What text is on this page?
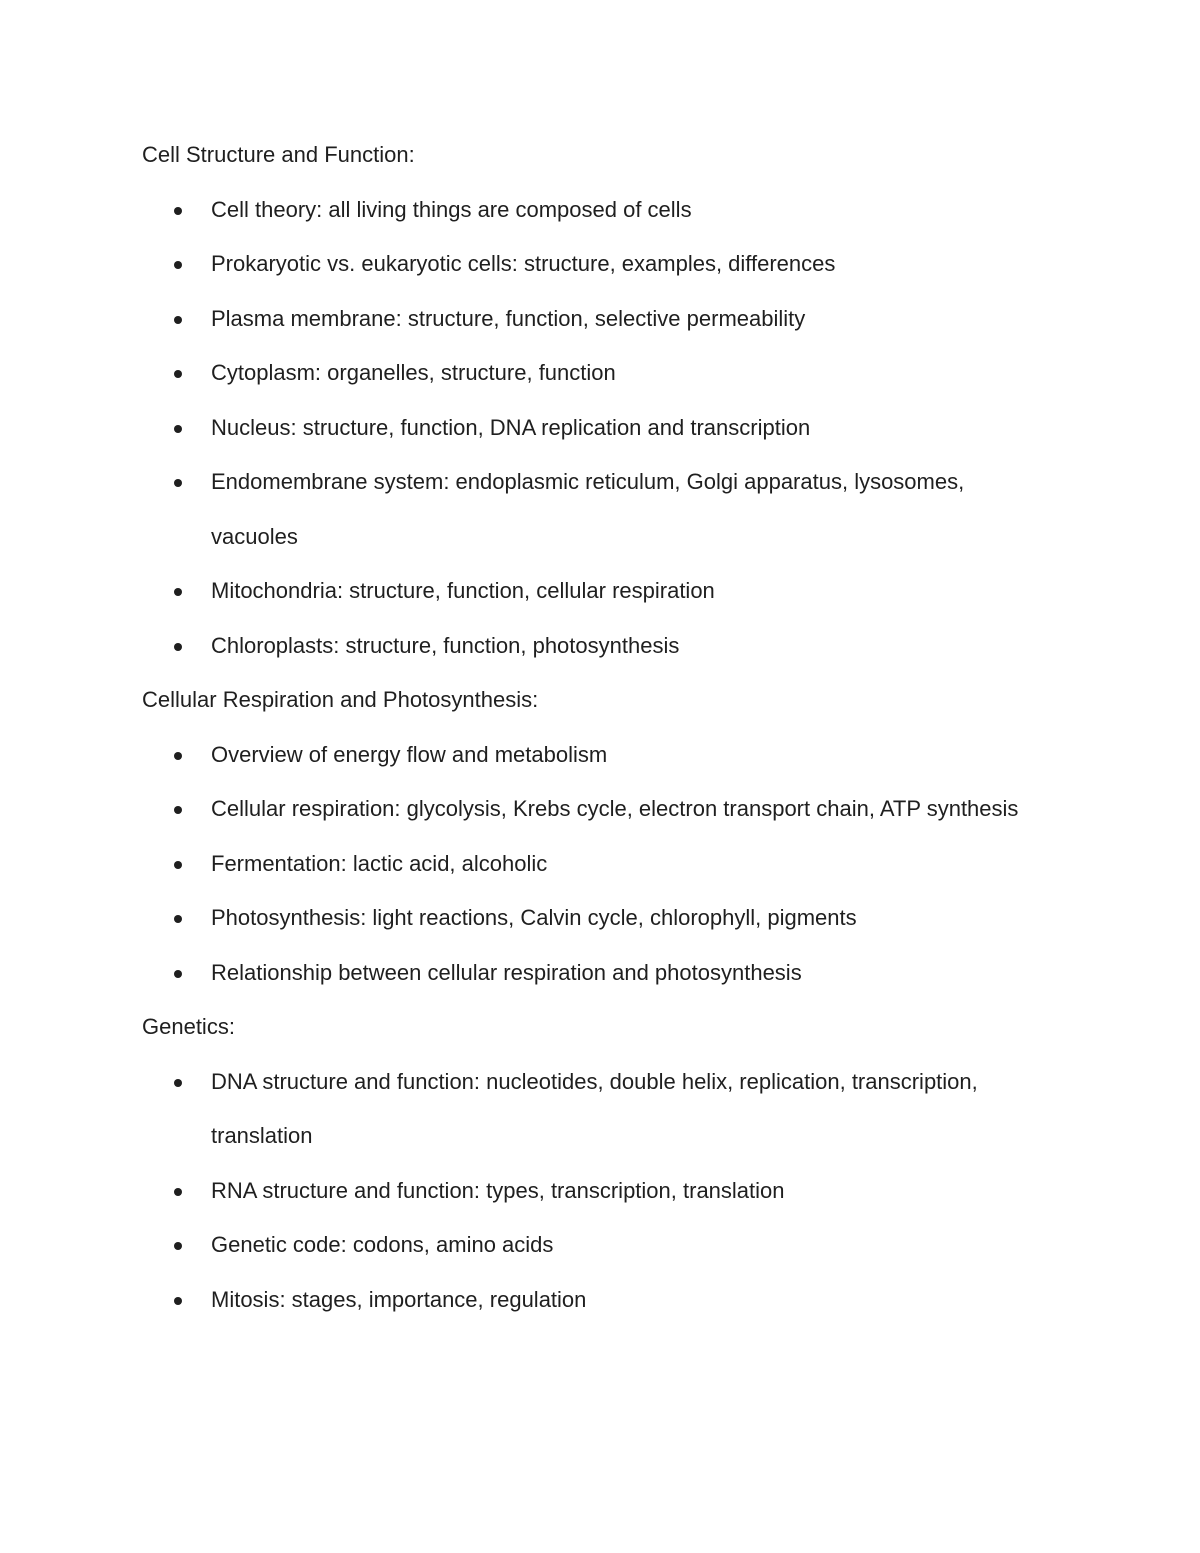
Cell Structure and Function:

Cell theory: all living things are composed of cells
Prokaryotic vs. eukaryotic cells: structure, examples, differences
Plasma membrane: structure, function, selective permeability
Cytoplasm: organelles, structure, function
Nucleus: structure, function, DNA replication and transcription
Endomembrane system: endoplasmic reticulum, Golgi apparatus, lysosomes, vacuoles
Mitochondria: structure, function, cellular respiration
Chloroplasts: structure, function, photosynthesis

Cellular Respiration and Photosynthesis:

Overview of energy flow and metabolism
Cellular respiration: glycolysis, Krebs cycle, electron transport chain, ATP synthesis
Fermentation: lactic acid, alcoholic
Photosynthesis: light reactions, Calvin cycle, chlorophyll, pigments
Relationship between cellular respiration and photosynthesis

Genetics:

DNA structure and function: nucleotides, double helix, replication, transcription, translation
RNA structure and function: types, transcription, translation
Genetic code: codons, amino acids
Mitosis: stages, importance, regulation
